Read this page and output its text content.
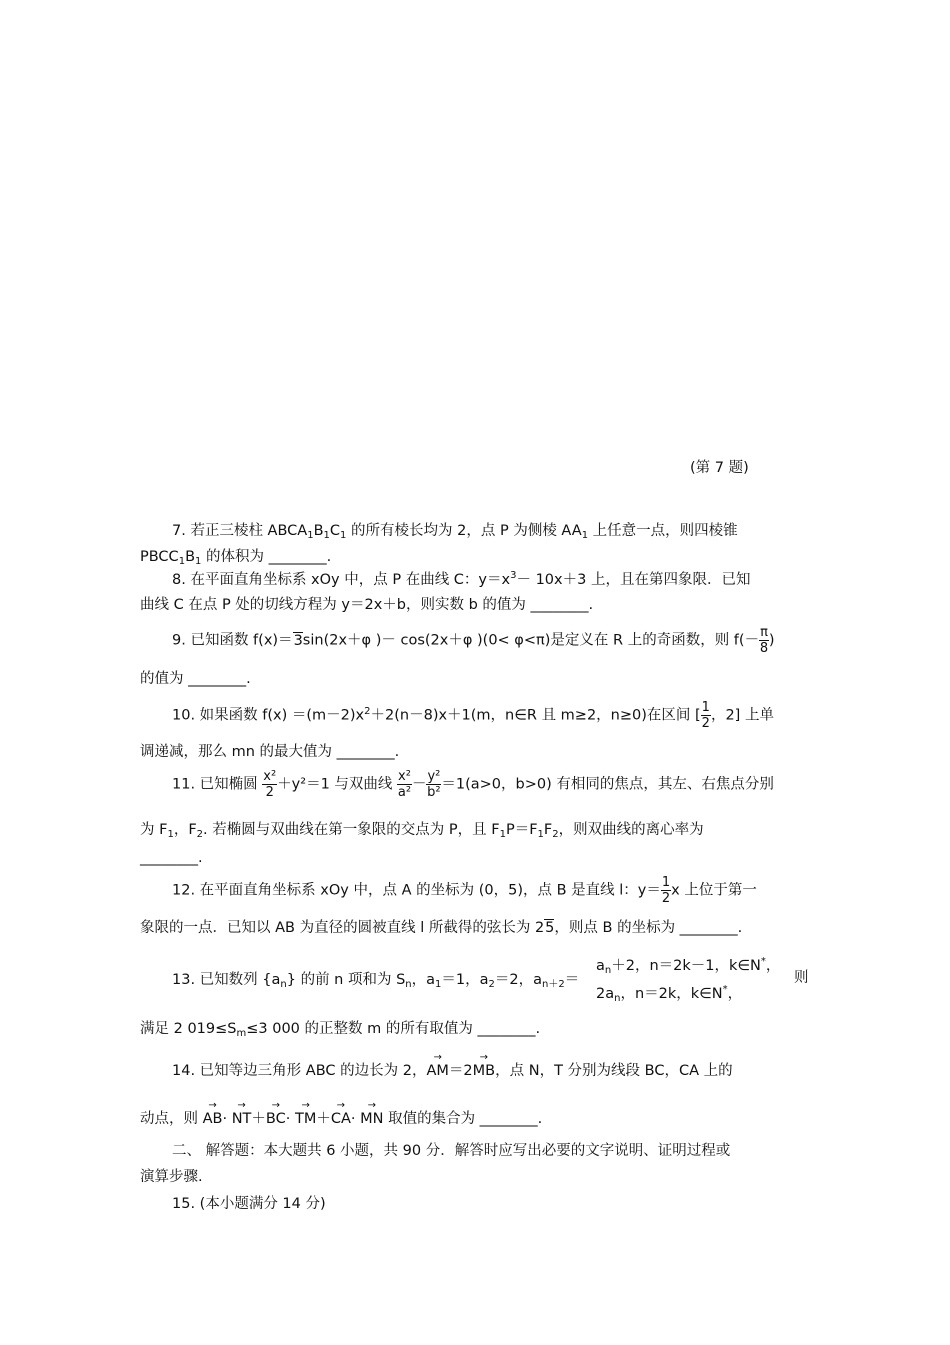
(第 7 题)
7. 若正三棱柱 $ABCA_1B_1C_1$ 的所有棱长均为 2，点 P 为侧棱 $AA_1$ 上任意一点，则四棱锥
$PBCC_1B_1$ 的体积为 ________.
8. 在平面直角坐标系 xOy 中，点 P 在曲线 C：$y=x^3- 10x+3$ 上，且在第四象限．已知
曲线 C 在点 P 处的切线方程为 y＝2x＋b，则实数 b 的值为 ________.
9. 已知函数 f(x)＝3sin(2x＋φ )－ cos(2x＋φ )(0< φ<π)是定义在 R 上的奇函数，则 $f(- \frac{\pi}{8}$ )
的值为 ________.
10. 如果函数 $f(x) =(m-2)x^2+2(n-8)x+1(m$，n∈R 且 m≥2，n≥0)在区间 [ $\frac{1}{2}$ ，2] 上单
调递减，那么 mn 的最大值为 ________.
11. 已知椭圆 $\frac{\text{x²}}{2} +y^2=1$ 与双曲线 $\frac{\text{x²}}{\text{a²}} - \frac{\text{y²}}{\text{b²}} =1(a>0$，b>0) 有相同的焦点，其左、右焦点分别
为 $F_1$，$F_2$. 若椭圆与双曲线在第一象限的交点为 P，且 $F_1P=F_1F_2$，则双曲线的离心率为
________.
12. 在平面直角坐标系 xOy 中，点 A 的坐标为 (0，5)，点 B 是直线 l：$y= \frac{1}{2}$ x 上位于第一
象限的一点．已知以 AB 为直径的圆被直线 l 所截得的弦长为 25，则点 B 的坐标为 ________.
13. 已知数列 $\{a_n\}$ 的前 n 项和为 $S_n$，$a_1=1$，$a_2=2$，$a_{n+2}=$
$a_n+2$，n＝2k－1，k∈N*，
$2a_n$，n＝2k，k∈N*，
则
满足 2 $019\le S_m\le 3$ 000 的正整数 m 的所有取值为 ________.
14. 已知等边三角形 ABC 的边长为 2，→ AM＝2→ MB，点 N，T 分别为线段 BC，CA 上的
动点，则 → AB· → NT＋→ BC· → TM＋→ CA· → MN 取值的集合为 ________.
二、 解答题：本大题共 6 小题，共 90 分．解答时应写出必要的文字说明、证明过程或
演算步骤.
15. (本小题满分 14 分)
